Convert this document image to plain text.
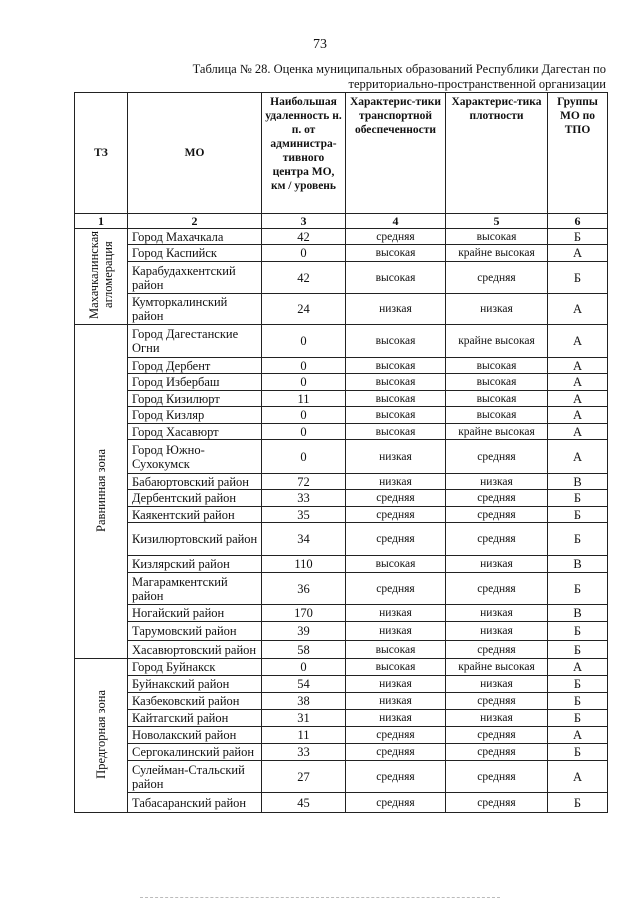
73
Таблица № 28. Оценка муниципальных образований Республики Дагестан по
территориально-пространственной организации
ТЗ	МО	Наибольшая удаленность н. п. от администра-тивного центра МО, км / уровень	Характерис-тики транспортной обеспеченности	Характерис-тика плотности	Группы МО по ТПО
1	2	3	4	5	6
Махачкалинская
агломерация	Город Махачкала	42	средняя	высокая	Б
	Город Каспийск	0	высокая	крайне высокая	А
	Карабудахкентский район	42	высокая	средняя	Б
	Кумторкалинский район	24	низкая	низкая	А
Равнинная зона	Город Дагестанские Огни	0	высокая	крайне высокая	А
	Город Дербент	0	высокая	высокая	А
	Город Избербаш	0	высокая	высокая	А
	Город Кизилюрт	11	высокая	высокая	А
	Город Кизляр	0	высокая	высокая	А
	Город Хасавюрт	0	высокая	крайне высокая	А
	Город Южно-Сухокумск	0	низкая	средняя	А
	Бабаюртовский район	72	низкая	низкая	В
	Дербентский район	33	средняя	средняя	Б
	Каякентский район	35	средняя	средняя	Б
	Кизилюртовский район	34	средняя	средняя	Б
	Кизлярский район	110	высокая	низкая	В
	Магарамкентский район	36	средняя	средняя	Б
	Ногайский район	170	низкая	низкая	В
	Тарумовский район	39	низкая	низкая	Б
	Хасавюртовский район	58	высокая	средняя	Б
Предгорная зона	Город Буйнакск	0	высокая	крайне высокая	А
	Буйнакский район	54	низкая	низкая	Б
	Казбековский район	38	низкая	средняя	Б
	Кайтагский район	31	низкая	низкая	Б
	Новолакский район	11	средняя	средняя	А
	Сергокалинский район	33	средняя	средняя	Б
	Сулейман-Стальский район	27	средняя	средняя	А
	Табасаранский район	45	средняя	средняя	Б
